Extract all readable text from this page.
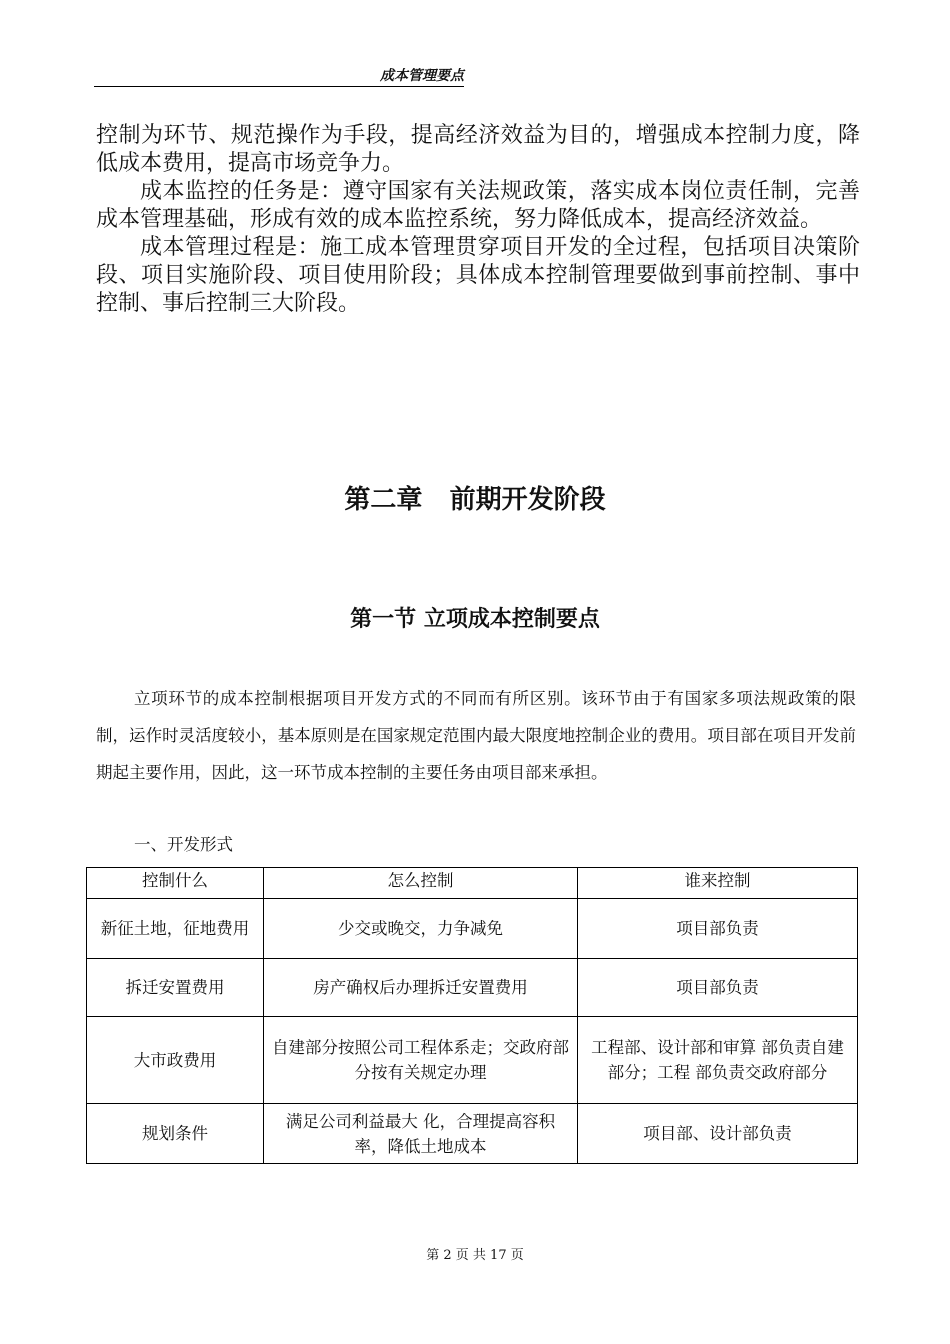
成本管理要点

控制为环节、规范操作为手段，提高经济效益为目的，增强成本控制力度，降低成本费用，提高市场竞争力。

成本监控的任务是：遵守国家有关法规政策，落实成本岗位责任制，完善成本管理基础，形成有效的成本监控系统，努力降低成本，提高经济效益。

成本管理过程是：施工成本管理贯穿项目开发的全过程，包括项目决策阶段、项目实施阶段、项目使用阶段；具体成本控制管理要做到事前控制、事中控制、事后控制三大阶段。

第二章   前期开发阶段
第一节 立项成本控制要点

立项环节的成本控制根据项目开发方式的不同而有所区别。该环节由于有国家多项法规政策的限制，运作时灵活度较小，基本原则是在国家规定范围内最大限度地控制企业的费用。项目部在项目开发前期起主要作用，因此，这一环节成本控制的主要任务由项目部来承担。

一、开发形式

控制什么	怎么控制	谁来控制
新征土地，征地费用	少交或晚交，力争减免	项目部负责
拆迁安置费用	房产确权后办理拆迁安置费用	项目部负责
大市政费用	自建部分按照公司工程体系走；交政府部分按有关规定办理	工程部、设计部和审算 部负责自建部分；工程 部负责交政府部分
规划条件	满足公司利益最大 化，合理提高容积率，降低土地成本	项目部、设计部负责
第 2 页 共 17 页
